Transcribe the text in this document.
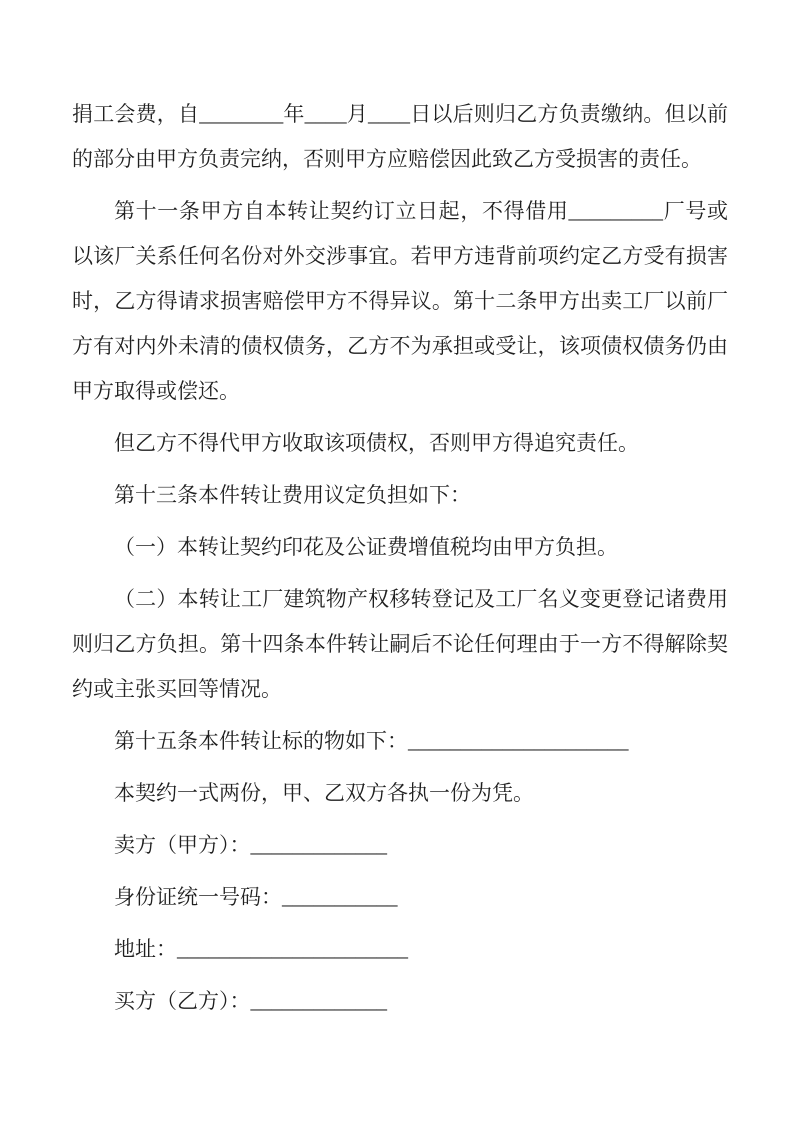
捐工会费，自________年____月____日以后则归乙方负责缴纳。但以前的部分由甲方负责完纳，否则甲方应赔偿因此致乙方受损害的责任。

第十一条甲方自本转让契约订立日起，不得借用_________厂号或以该厂关系任何名份对外交涉事宜。若甲方违背前项约定乙方受有损害时，乙方得请求损害赔偿甲方不得异议。第十二条甲方出卖工厂以前厂方有对内外未清的债权债务，乙方不为承担或受让，该项债权债务仍由甲方取得或偿还。

但乙方不得代甲方收取该项债权，否则甲方得追究责任。

第十三条本件转让费用议定负担如下：

（一）本转让契约印花及公证费增值税均由甲方负担。

（二）本转让工厂建筑物产权移转登记及工厂名义变更登记诸费用则归乙方负担。第十四条本件转让嗣后不论任何理由于一方不得解除契约或主张买回等情况。

第十五条本件转让标的物如下：_____________________

本契约一式两份，甲、乙双方各执一份为凭。

卖方（甲方）：_____________

身份证统一号码：___________

地址：______________________

买方（乙方）：_____________
